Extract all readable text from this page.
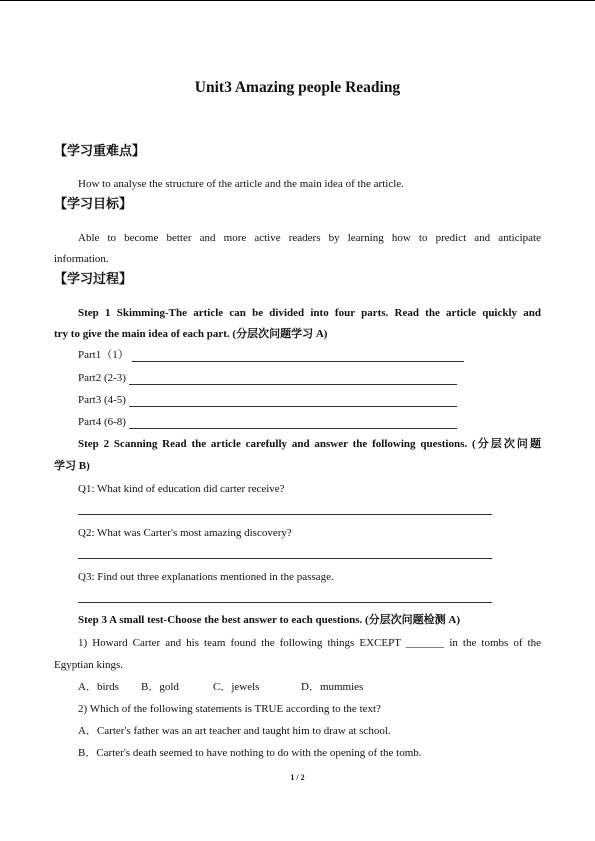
Unit3 Amazing people Reading
【学习重难点】
How to analyse the structure of the article and the main idea of the article.
【学习目标】
Able to become better and more active readers by learning how to predict and anticipate
information.
【学习过程】
Step 1 Skimming-The article can be divided into four parts. Read the article quickly and
try to give the main idea of each part. (分层次问题学习 A)
Part1（1）
Part2 (2-3)
Part3 (4-5)
Part4 (6-8)
Step 2 Scanning Read the article carefully and answer the following questions. (分层次问题
学习 B)
Q1: What kind of education did carter receive?
Q2: What was Carter's most amazing discovery?
Q3: Find out three explanations mentioned in the passage.
Step 3 A small test-Choose the best answer to each questions. (分层次问题检测 A)
1) Howard Carter and his team found the following things EXCEPT _______ in the tombs of the
Egyptian kings.
A．birds B．gold	C．jewels	D．mummies
2) Which of the following statements is TRUE according to the text?
A．Carter's father was an art teacher and taught him to draw at school.
B．Carter's death seemed to have nothing to do with the opening of the tomb.
1 / 2
